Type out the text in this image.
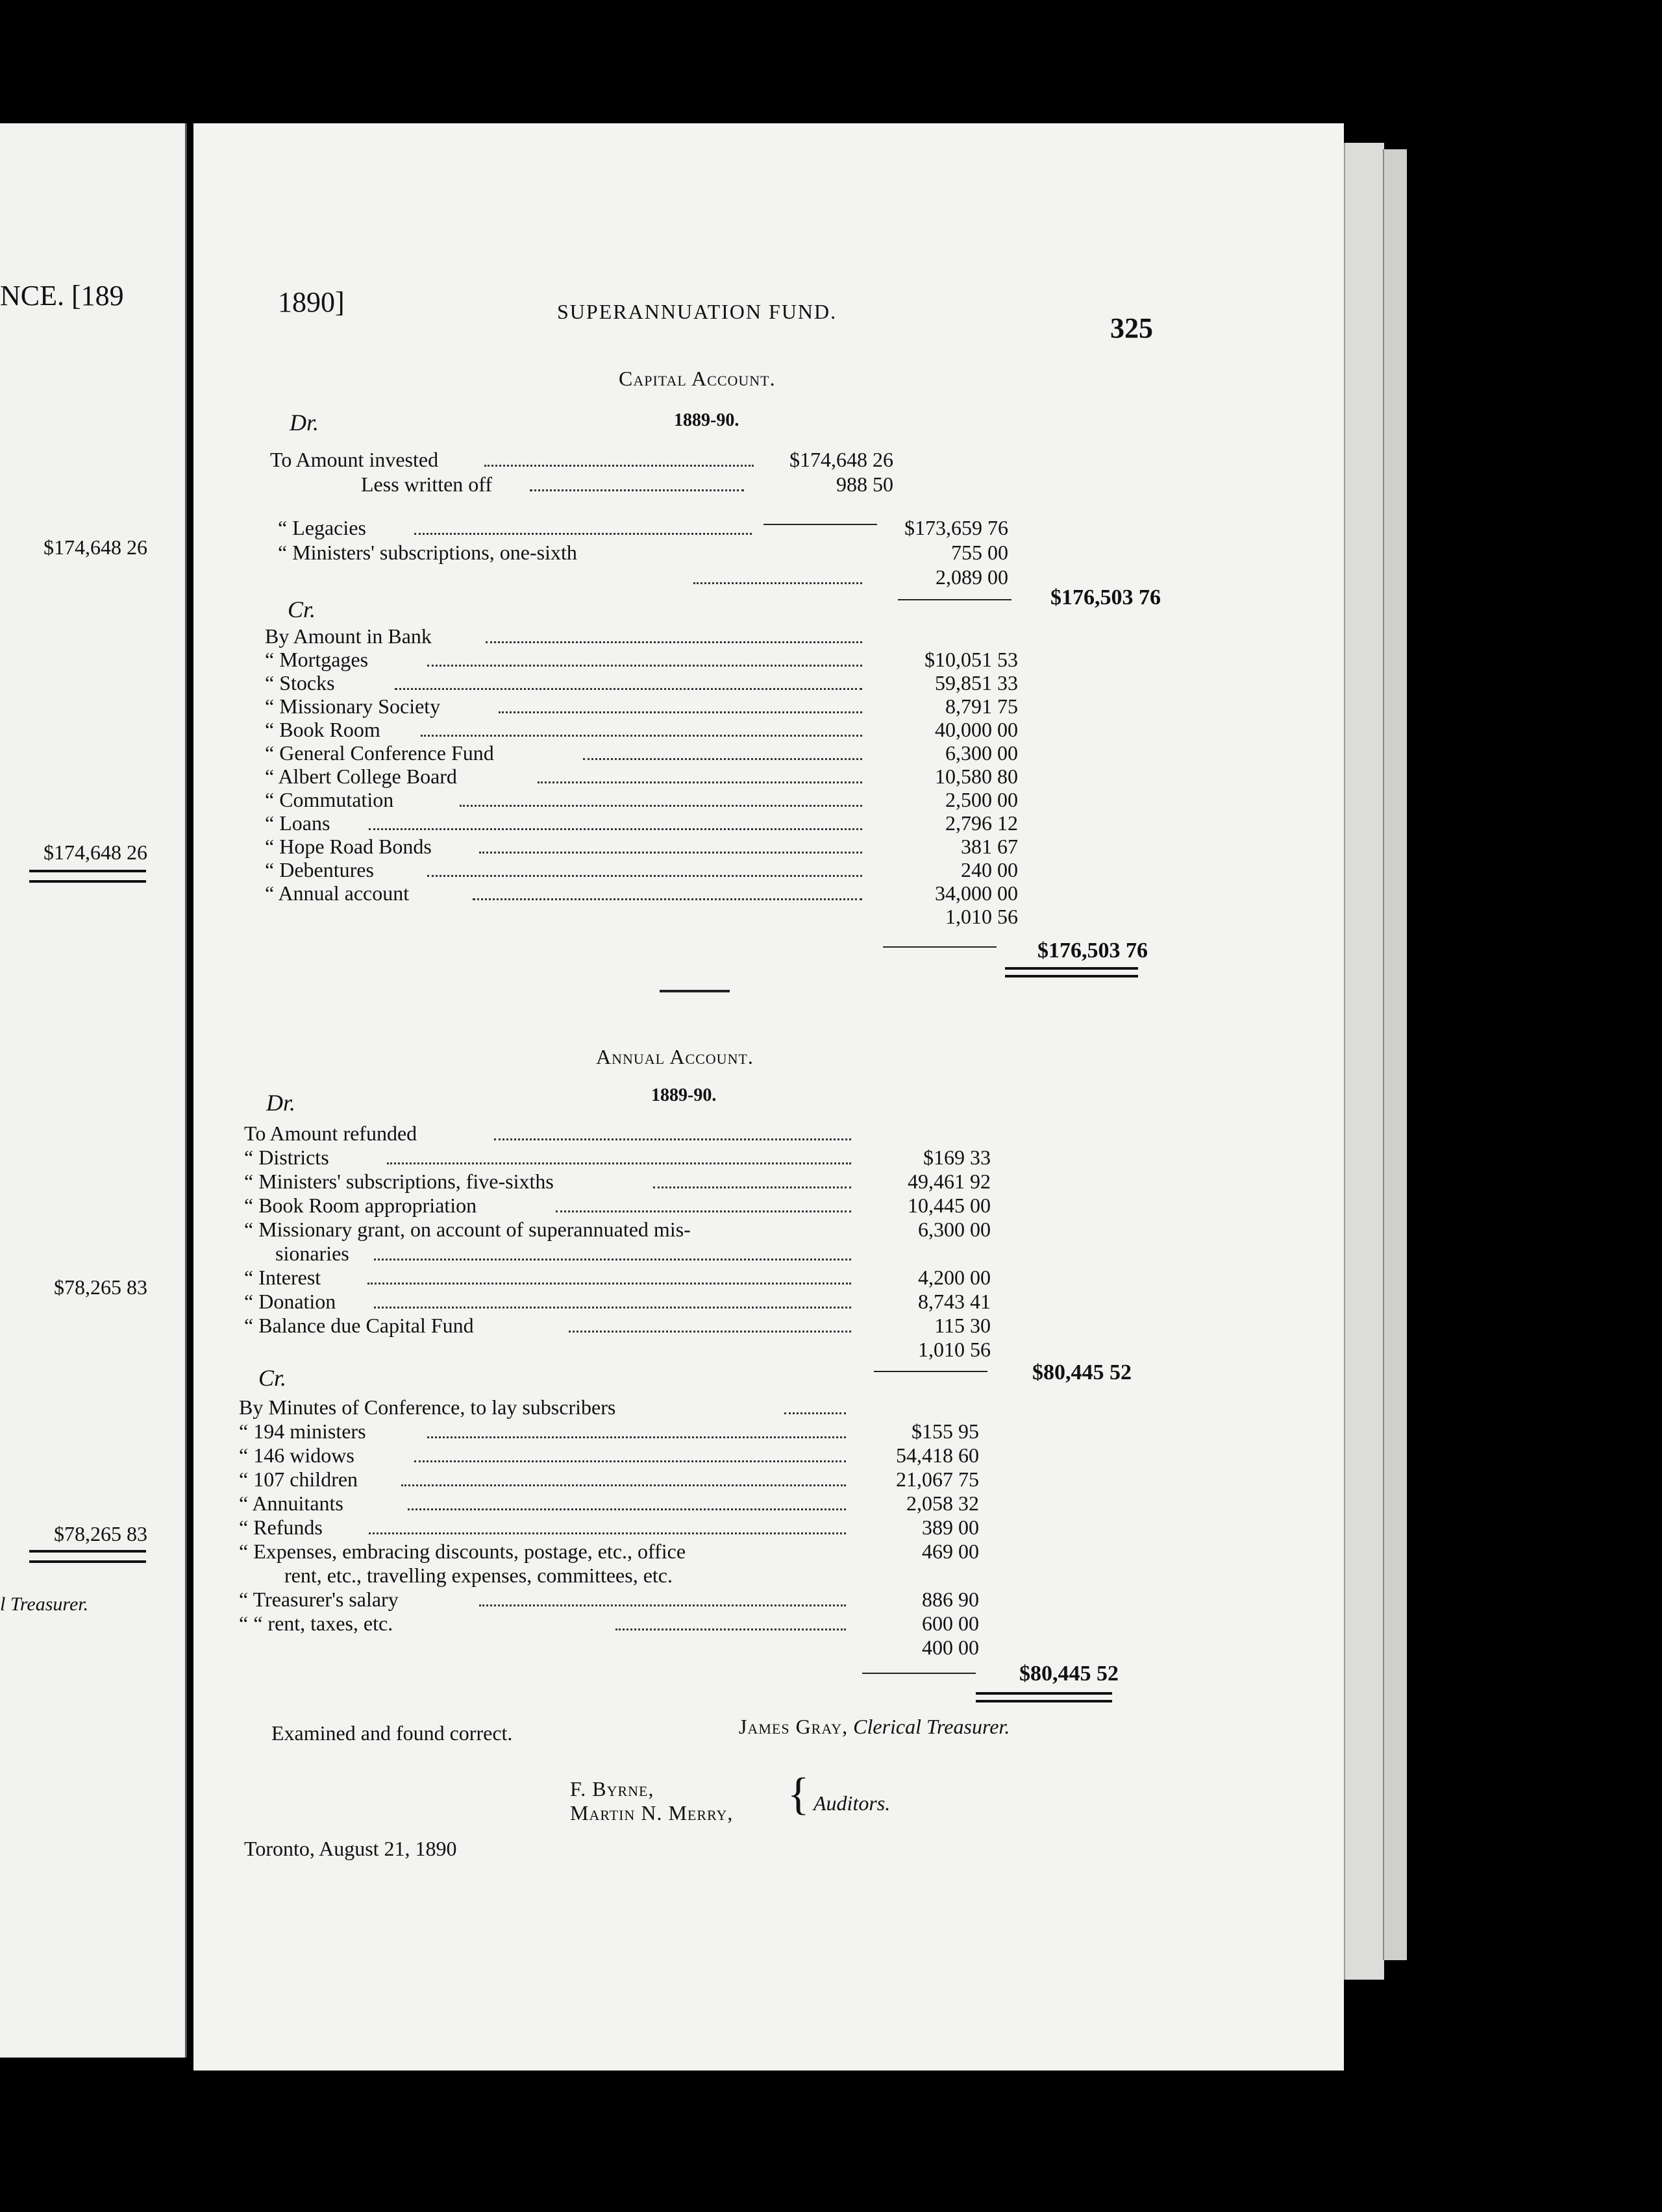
NCE. [189
$174,648 26
$174,648 26
$78,265 83
$78,265 83
l Treasurer.
1890]	SUPERANNUATION FUND.
325
Capital Account.
Dr.	1889-90.
To Amount invested	$174,648 26
Less written off	988 50
“ Legacies	$173,659 76
“ Ministers' subscriptions, one-sixth	755 00
2,089 00
$176,503 76
Cr.
By Amount in Bank
“ Mortgages	$10,051 53
“ Stocks	59,851 33
“ Missionary Society	8,791 75
“ Book Room	40,000 00
“ General Conference Fund	6,300 00
“ Albert College Board	10,580 80
“ Commutation	2,500 00
“ Loans	2,796 12
“ Hope Road Bonds	381 67
“ Debentures	240 00
“ Annual account	34,000 00
1,010 56
$176,503 76
Annual Account.
Dr.	1889-90.
To Amount refunded
“ Districts	$169 33
“ Ministers' subscriptions, five-sixths	49,461 92
“ Book Room appropriation	10,445 00
“ Missionary grant, on account of superannuated mis-	6,300 00
sionaries
“ Interest	4,200 00
“ Donation	8,743 41
“ Balance due Capital Fund	115 30
1,010 56
$80,445 52
Cr.
By Minutes of Conference, to lay subscribers
“ 194 ministers	$155 95
“ 146 widows	54,418 60
“ 107 children	21,067 75
“ Annuitants	2,058 32
“ Refunds	389 00
“ Expenses, embracing discounts, postage, etc., office	469 00
rent, etc., travelling expenses, committees, etc.
“ Treasurer's salary	886 90
“ “ rent, taxes, etc.	600 00
400 00
$80,445 52
Examined and found correct.	James Gray, Clerical Treasurer.
F. Byrne,
Martin N. Merry, { Auditors.
Toronto, August 21, 1890
